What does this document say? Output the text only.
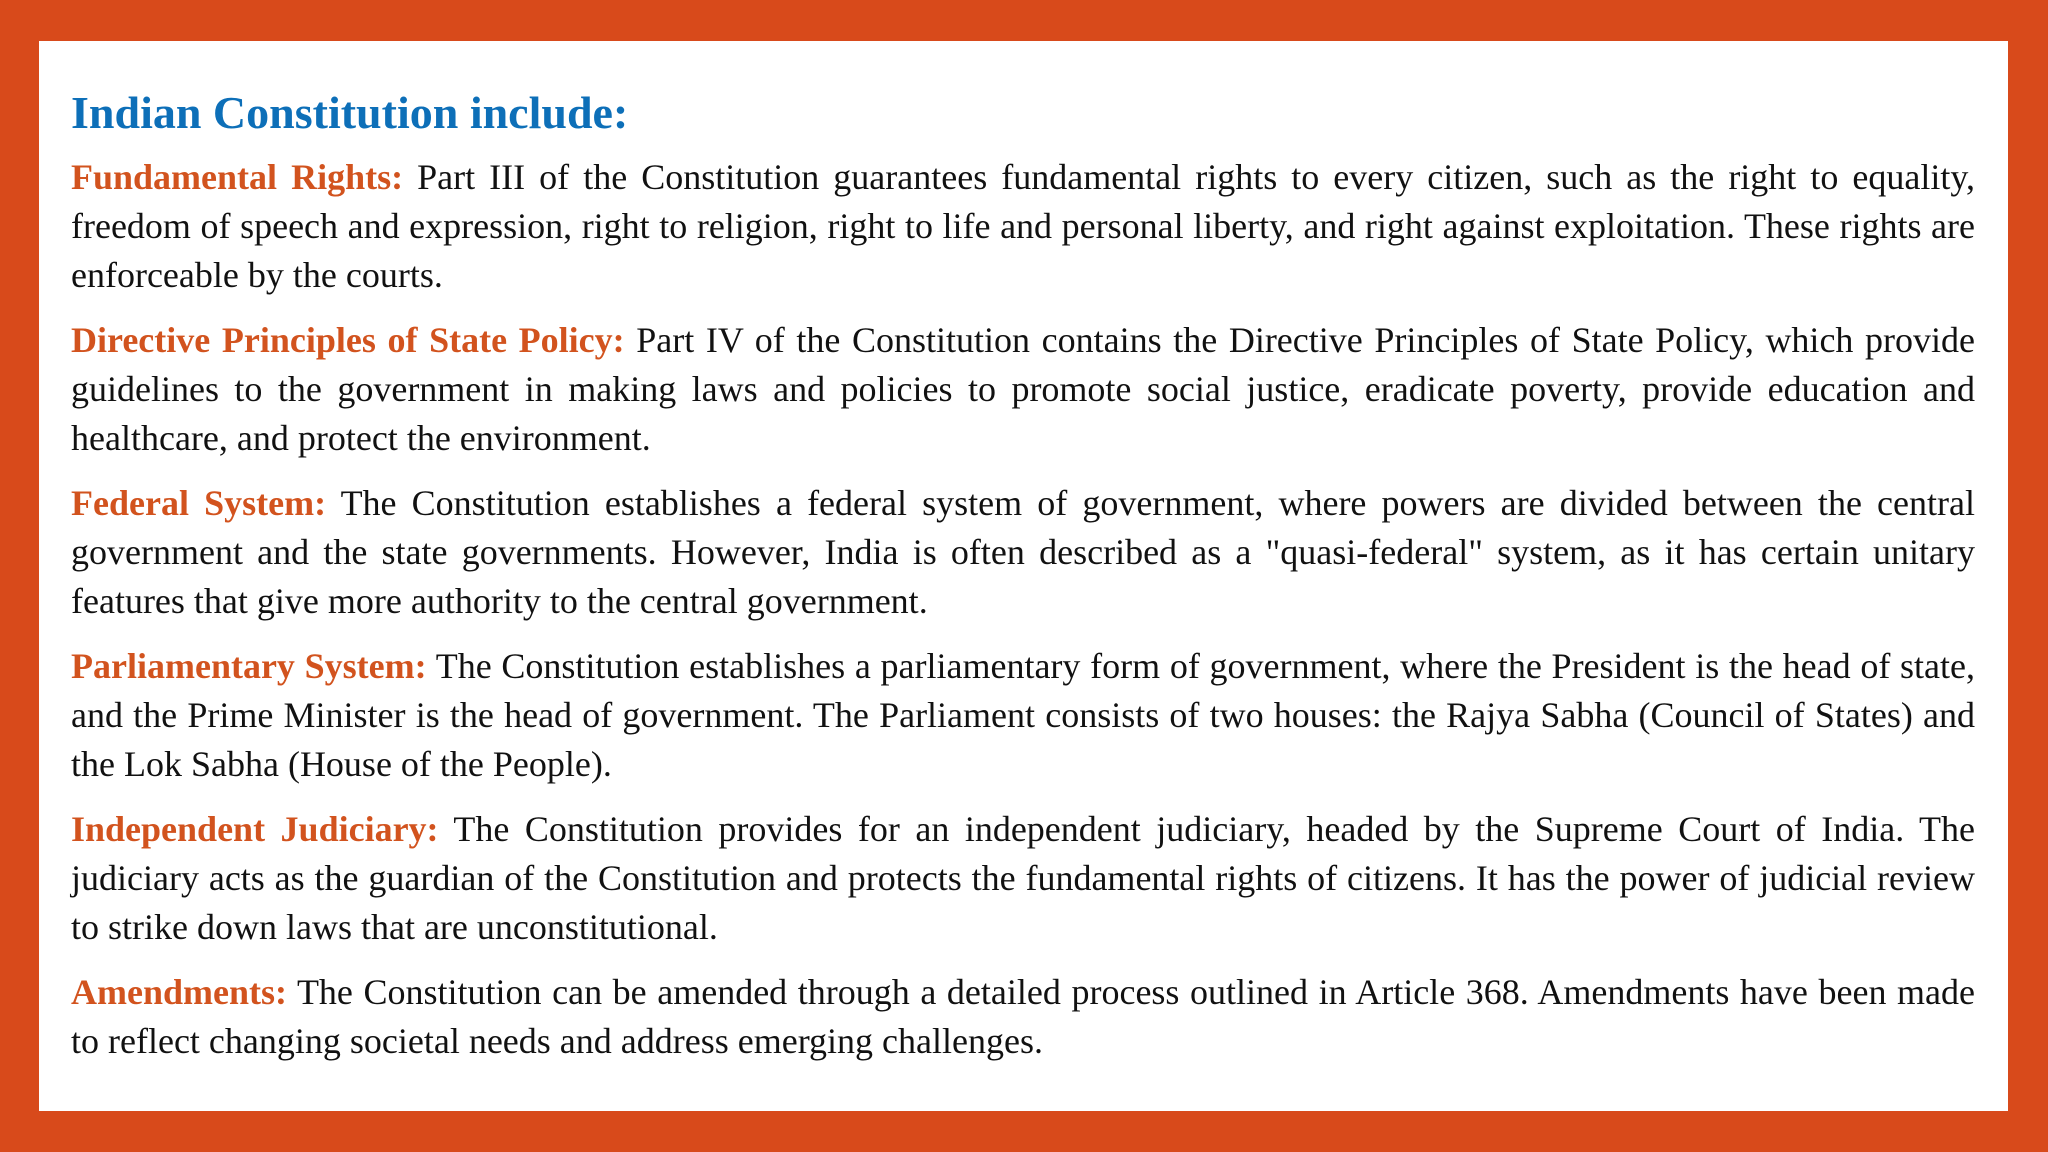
Indian Constitution include:

Fundamental Rights: Part III of the Constitution guarantees fundamental rights to every citizen, such as the right to equality, freedom of speech and expression, right to religion, right to life and personal liberty, and right against exploitation. These rights are enforceable by the courts.

Directive Principles of State Policy: Part IV of the Constitution contains the Directive Principles of State Policy, which provide guidelines to the government in making laws and policies to promote social justice, eradicate poverty, provide education and healthcare, and protect the environment.

Federal System: The Constitution establishes a federal system of government, where powers are divided between the central government and the state governments. However, India is often described as a "quasi-federal" system, as it has certain unitary features that give more authority to the central government.

Parliamentary System: The Constitution establishes a parliamentary form of government, where the President is the head of state, and the Prime Minister is the head of government. The Parliament consists of two houses: the Rajya Sabha (Council of States) and the Lok Sabha (House of the People).

Independent Judiciary: The Constitution provides for an independent judiciary, headed by the Supreme Court of India. The judiciary acts as the guardian of the Constitution and protects the fundamental rights of citizens. It has the power of judicial review to strike down laws that are unconstitutional.

Amendments: The Constitution can be amended through a detailed process outlined in Article 368. Amendments have been made to reflect changing societal needs and address emerging challenges.
